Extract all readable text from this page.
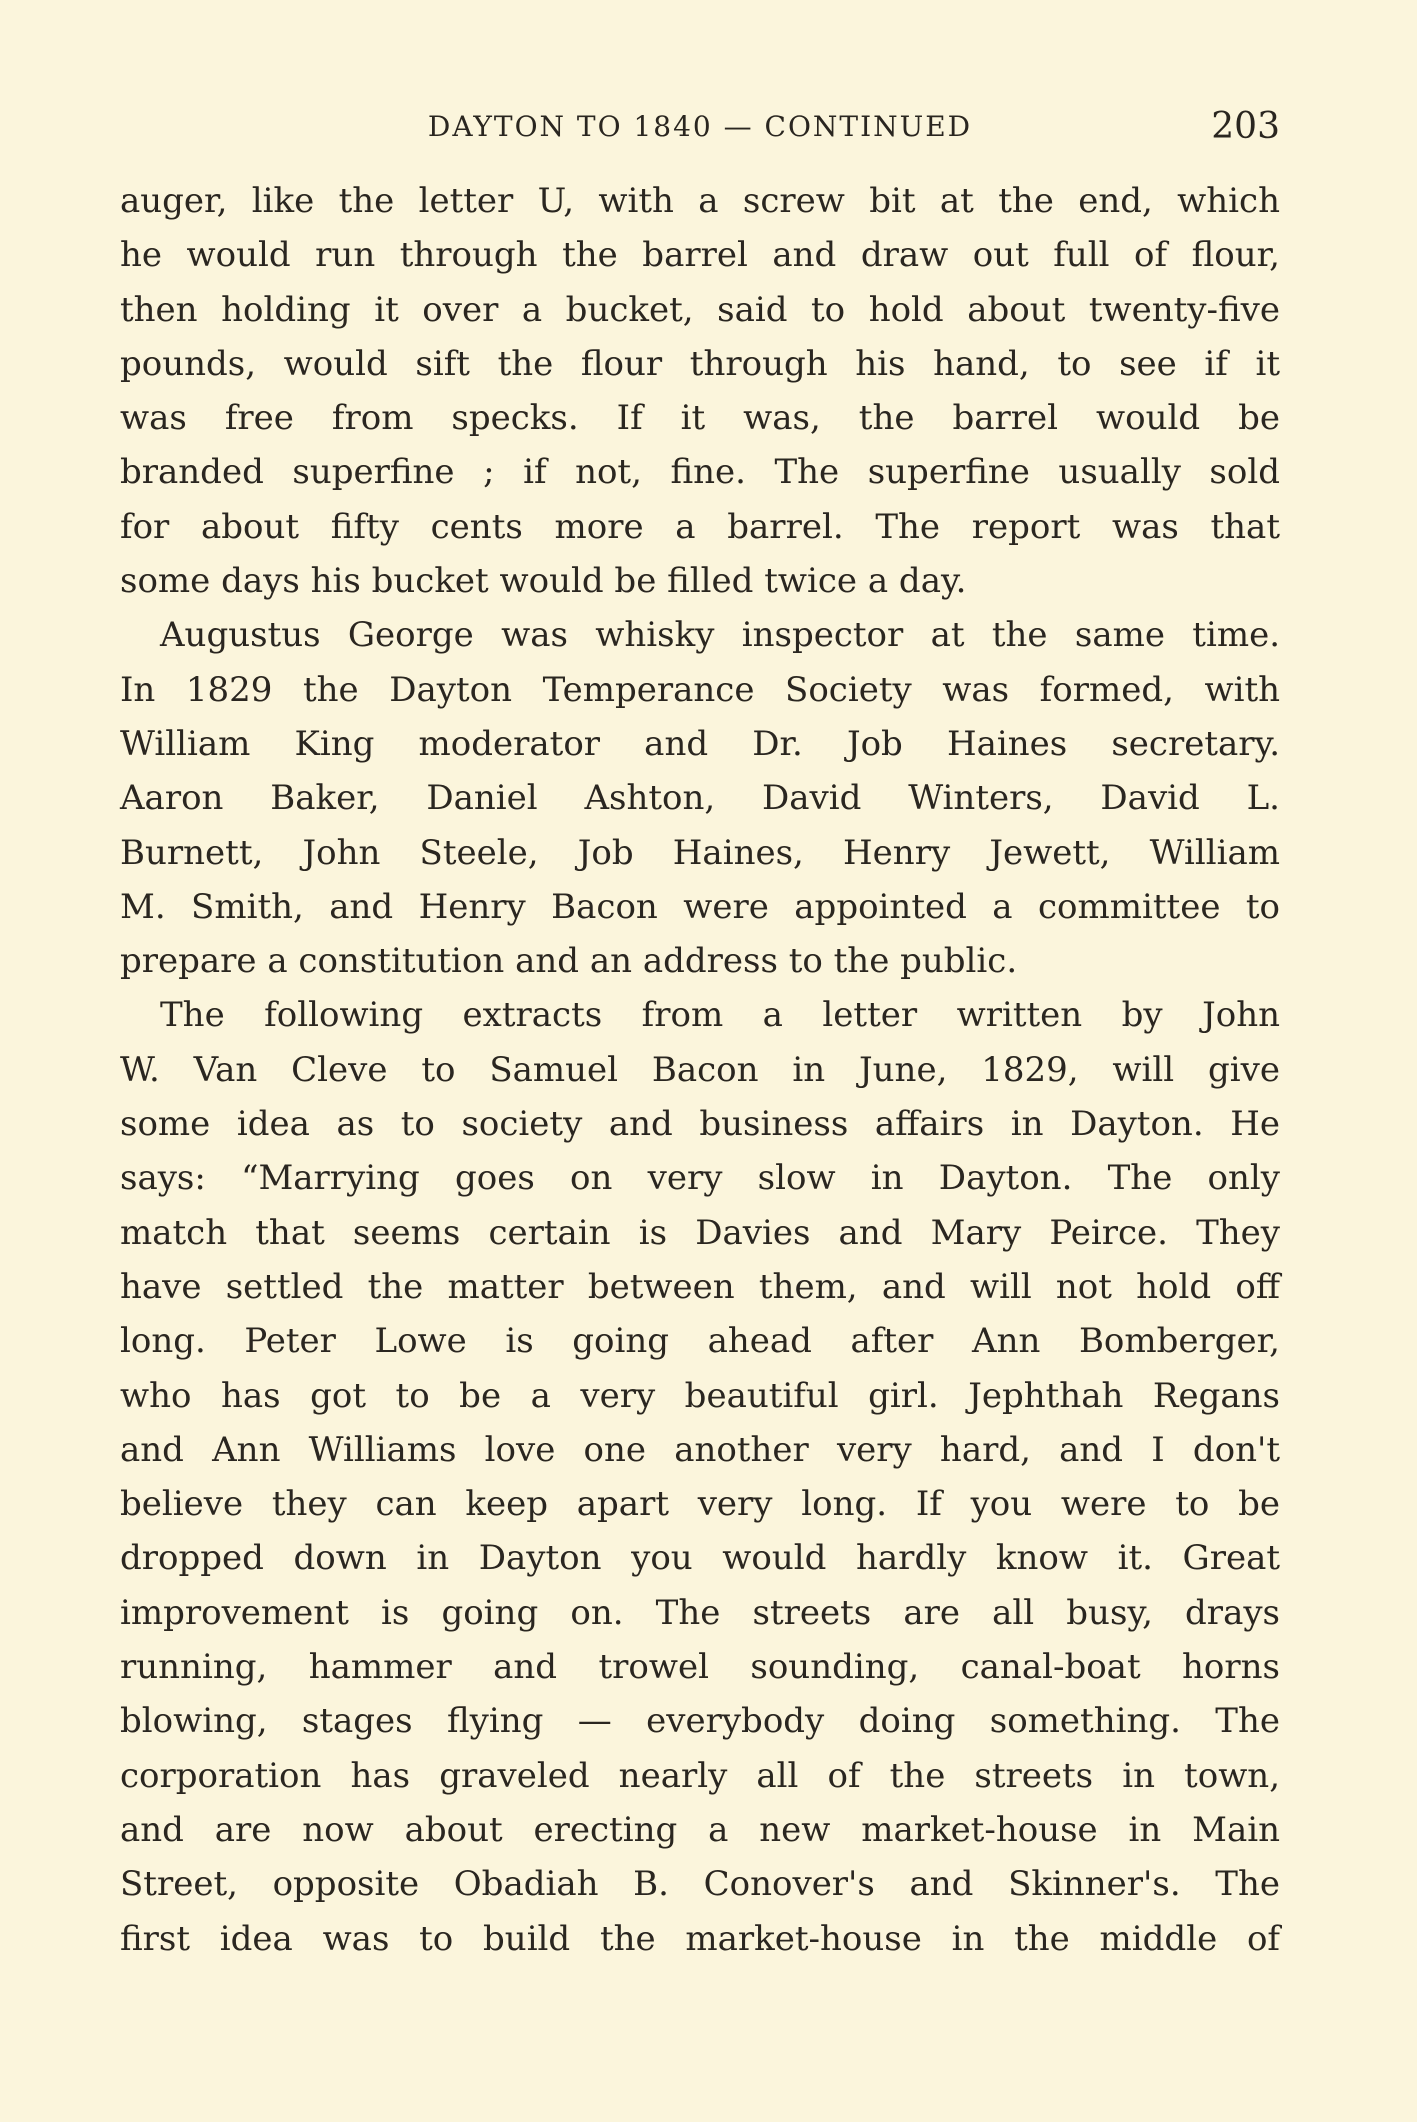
DAYTON TO 1840 — CONTINUED	203
auger, like the letter U, with a screw bit at the end, which
he would run through the barrel and draw out full of flour,
then holding it over a bucket, said to hold about twenty-five
pounds, would sift the flour through his hand, to see if it
was free from specks. If it was, the barrel would be
branded superfine ; if not, fine. The superfine usually sold
for about fifty cents more a barrel. The report was that
some days his bucket would be filled twice a day.
Augustus George was whisky inspector at the same time.
In 1829 the Dayton Temperance Society was formed, with
William King moderator and Dr. Job Haines secretary.
Aaron Baker, Daniel Ashton, David Winters, David L.
Burnett, John Steele, Job Haines, Henry Jewett, William
M. Smith, and Henry Bacon were appointed a committee to
prepare a constitution and an address to the public.
The following extracts from a letter written by John
W. Van Cleve to Samuel Bacon in June, 1829, will give
some idea as to society and business affairs in Dayton. He
says: “Marrying goes on very slow in Dayton. The only
match that seems certain is Davies and Mary Peirce. They
have settled the matter between them, and will not hold off
long. Peter Lowe is going ahead after Ann Bomberger,
who has got to be a very beautiful girl. Jephthah Regans
and Ann Williams love one another very hard, and I don't
believe they can keep apart very long. If you were to be
dropped down in Dayton you would hardly know it. Great
improvement is going on. The streets are all busy, drays
running, hammer and trowel sounding, canal-boat horns
blowing, stages flying — everybody doing something. The
corporation has graveled nearly all of the streets in town,
and are now about erecting a new market-house in Main
Street, opposite Obadiah B. Conover's and Skinner's. The
first idea was to build the market-house in the middle of
